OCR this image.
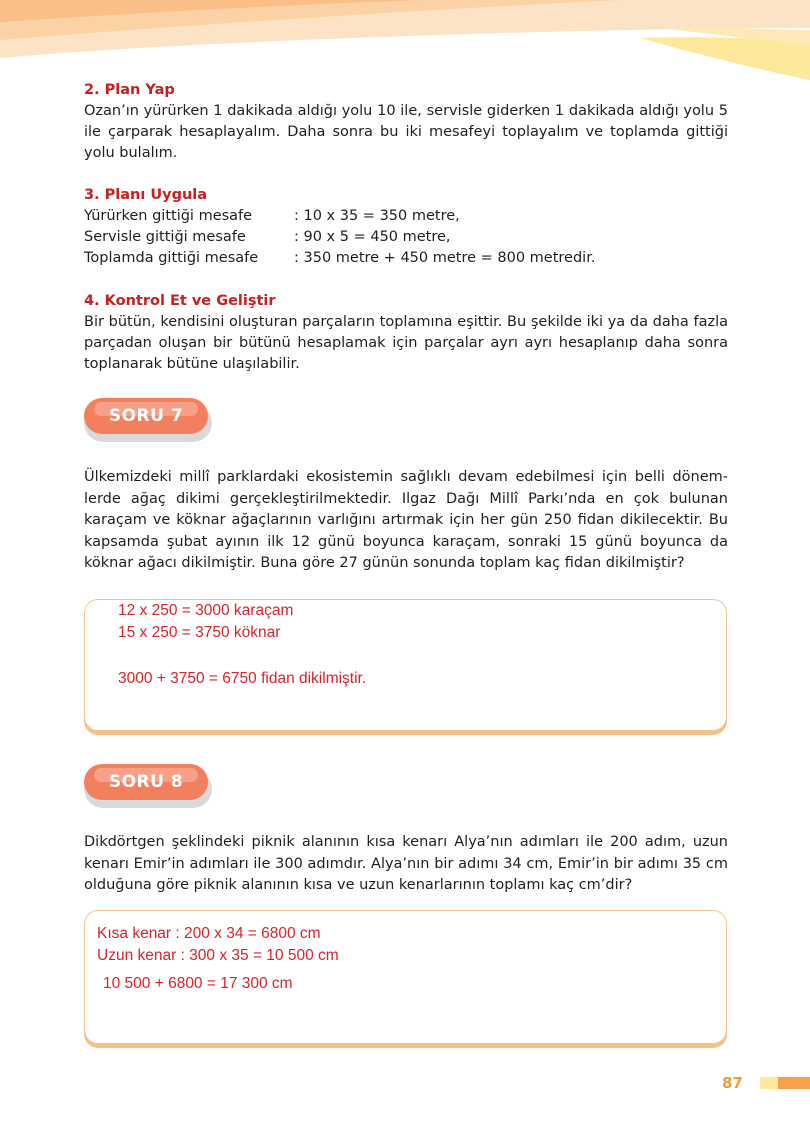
2. Plan Yap
Ozan’ın yürürken 1 dakikada aldığı yolu 10 ile, servisle giderken 1 dakikada aldığı yolu 5 ile çarparak hesaplayalım. Daha sonra bu iki mesafeyi toplayalım ve toplamda gittiği yolu bulalım.
3. Planı Uygula
Yürürken gittiği mesafe	: 10 x 35 = 350 metre,
Servisle gittiği mesafe	: 90 x 5 = 450 metre,
Toplamda gittiği mesafe : 350 metre + 450 metre = 800 metredir.
4. Kontrol Et ve Geliştir
Bir bütün, kendisini oluşturan parçaların toplamına eşittir. Bu şekilde iki ya da daha fazla parçadan oluşan bir bütünü hesaplamak için parçalar ayrı ayrı hesaplanıp daha sonra toplanarak bütüne ulaşılabilir.
SORU 7
Ülkemizdeki millî parklardaki ekosistemin sağlıklı devam edebilmesi için belli dönem-lerde ağaç dikimi gerçekleştirilmektedir. Ilgaz Dağı Millî Parkı’nda en çok bulunan karaçam ve köknar ağaçlarının varlığını artırmak için her gün 250 fidan dikilecektir. Bu kapsamda şubat ayının ilk 12 günü boyunca karaçam, sonraki 15 günü boyunca da köknar ağacı dikilmiştir. Buna göre 27 günün sonunda toplam kaç fidan dikilmiştir?
12 x 250 = 3000 karaçam
15 x 250 = 3750 köknar
3000 + 3750 = 6750 fidan dikilmiştir.
SORU 8
Dikdörtgen şeklindeki piknik alanının kısa kenarı Alya’nın adımları ile 200 adım, uzun kenarı Emir’in adımları ile 300 adımdır. Alya’nın bir adımı 34 cm, Emir’in bir adımı 35 cm olduğuna göre piknik alanının kısa ve uzun kenarlarının toplamı kaç cm’dir?
Kısa kenar : 200 x 34 = 6800 cm
Uzun kenar : 300 x 35 = 10 500 cm
10 500 + 6800 = 17 300 cm
87
